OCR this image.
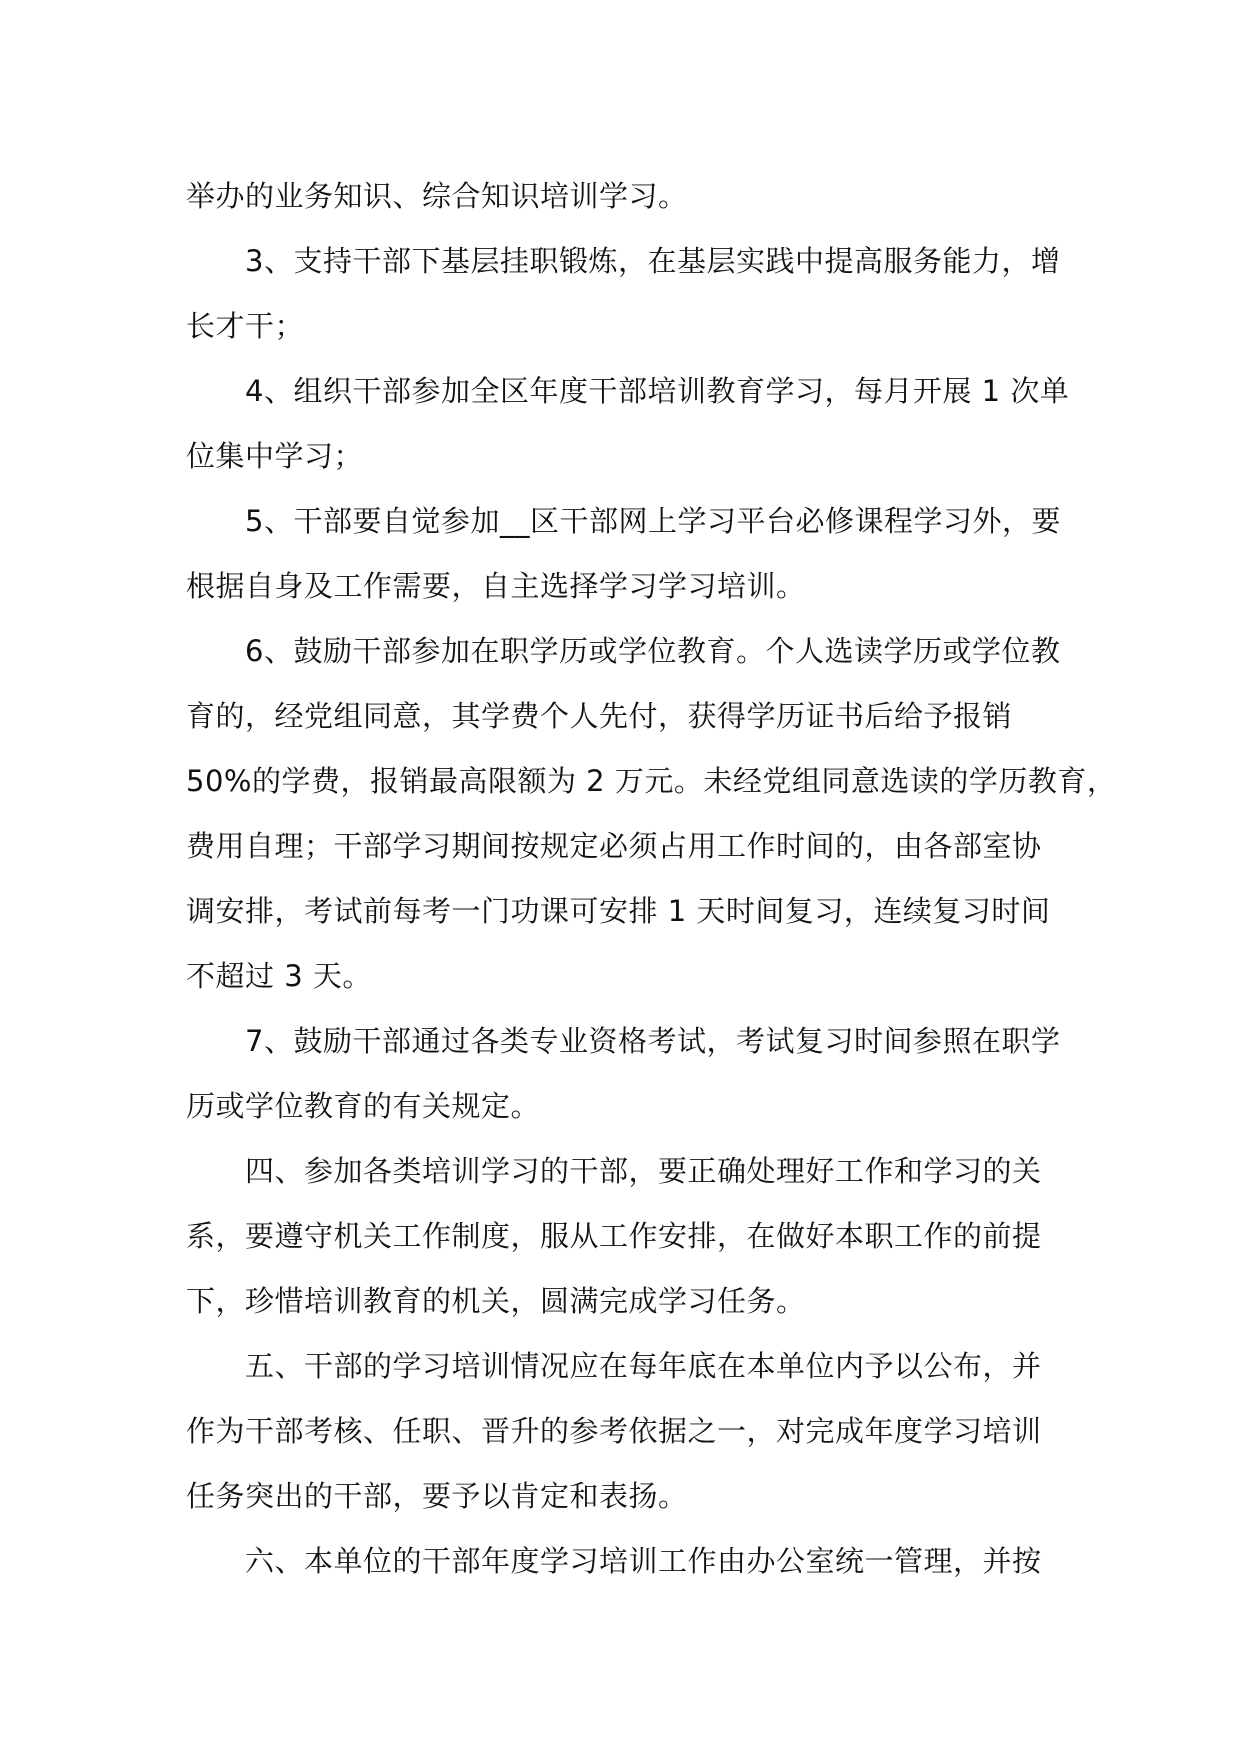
举办的业务知识、综合知识培训学习。
3、支持干部下基层挂职锻炼，在基层实践中提高服务能力，增
长才干；
4、组织干部参加全区年度干部培训教育学习，每月开展 1 次单
位集中学习；
5、干部要自觉参加__区干部网上学习平台必修课程学习外，要
根据自身及工作需要，自主选择学习学习培训。
6、鼓励干部参加在职学历或学位教育。个人选读学历或学位教
育的，经党组同意，其学费个人先付，获得学历证书后给予报销
50%的学费，报销最高限额为 2 万元。未经党组同意选读的学历教育，
费用自理；干部学习期间按规定必须占用工作时间的，由各部室协
调安排，考试前每考一门功课可安排 1 天时间复习，连续复习时间
不超过 3 天。
7、鼓励干部通过各类专业资格考试，考试复习时间参照在职学
历或学位教育的有关规定。
四、参加各类培训学习的干部，要正确处理好工作和学习的关
系，要遵守机关工作制度，服从工作安排，在做好本职工作的前提
下，珍惜培训教育的机关，圆满完成学习任务。
五、干部的学习培训情况应在每年底在本单位内予以公布，并
作为干部考核、任职、晋升的参考依据之一，对完成年度学习培训
任务突出的干部，要予以肯定和表扬。
六、本单位的干部年度学习培训工作由办公室统一管理，并按
